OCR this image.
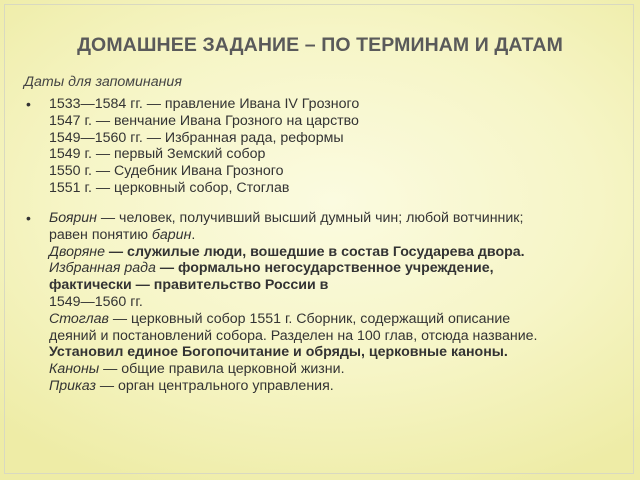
ДОМАШНЕЕ ЗАДАНИЕ – ПО ТЕРМИНАМ И ДАТАМ
Даты для запоминания
• 1533—1584 гг. — правление Ивана IV Грозного
1547 г. — венчание Ивана Грозного на царство
1549—1560 гг. — Избранная рада, реформы
1549 г. — первый Земский собор
1550 г. — Судебник Ивана Грозного
1551 г. — церковный собор, Стоглав
• Боярин — человек, получивший высший думный чин; любой вотчинник;
равен понятию барин.
Дворяне — служилые люди, вошедшие в состав Государева двора.
Избранная рада — формально негосударственное учреждение,
фактически — правительство России в
1549—1560 гг.
Стоглав — церковный собор 1551 г. Сборник, содержащий описание
деяний и постановлений собора. Разделен на 100 глав, отсюда название.
Установил единое Богопочитание и обряды, церковные каноны.
Каноны — общие правила церковной жизни.
Приказ — орган центрального управления.
